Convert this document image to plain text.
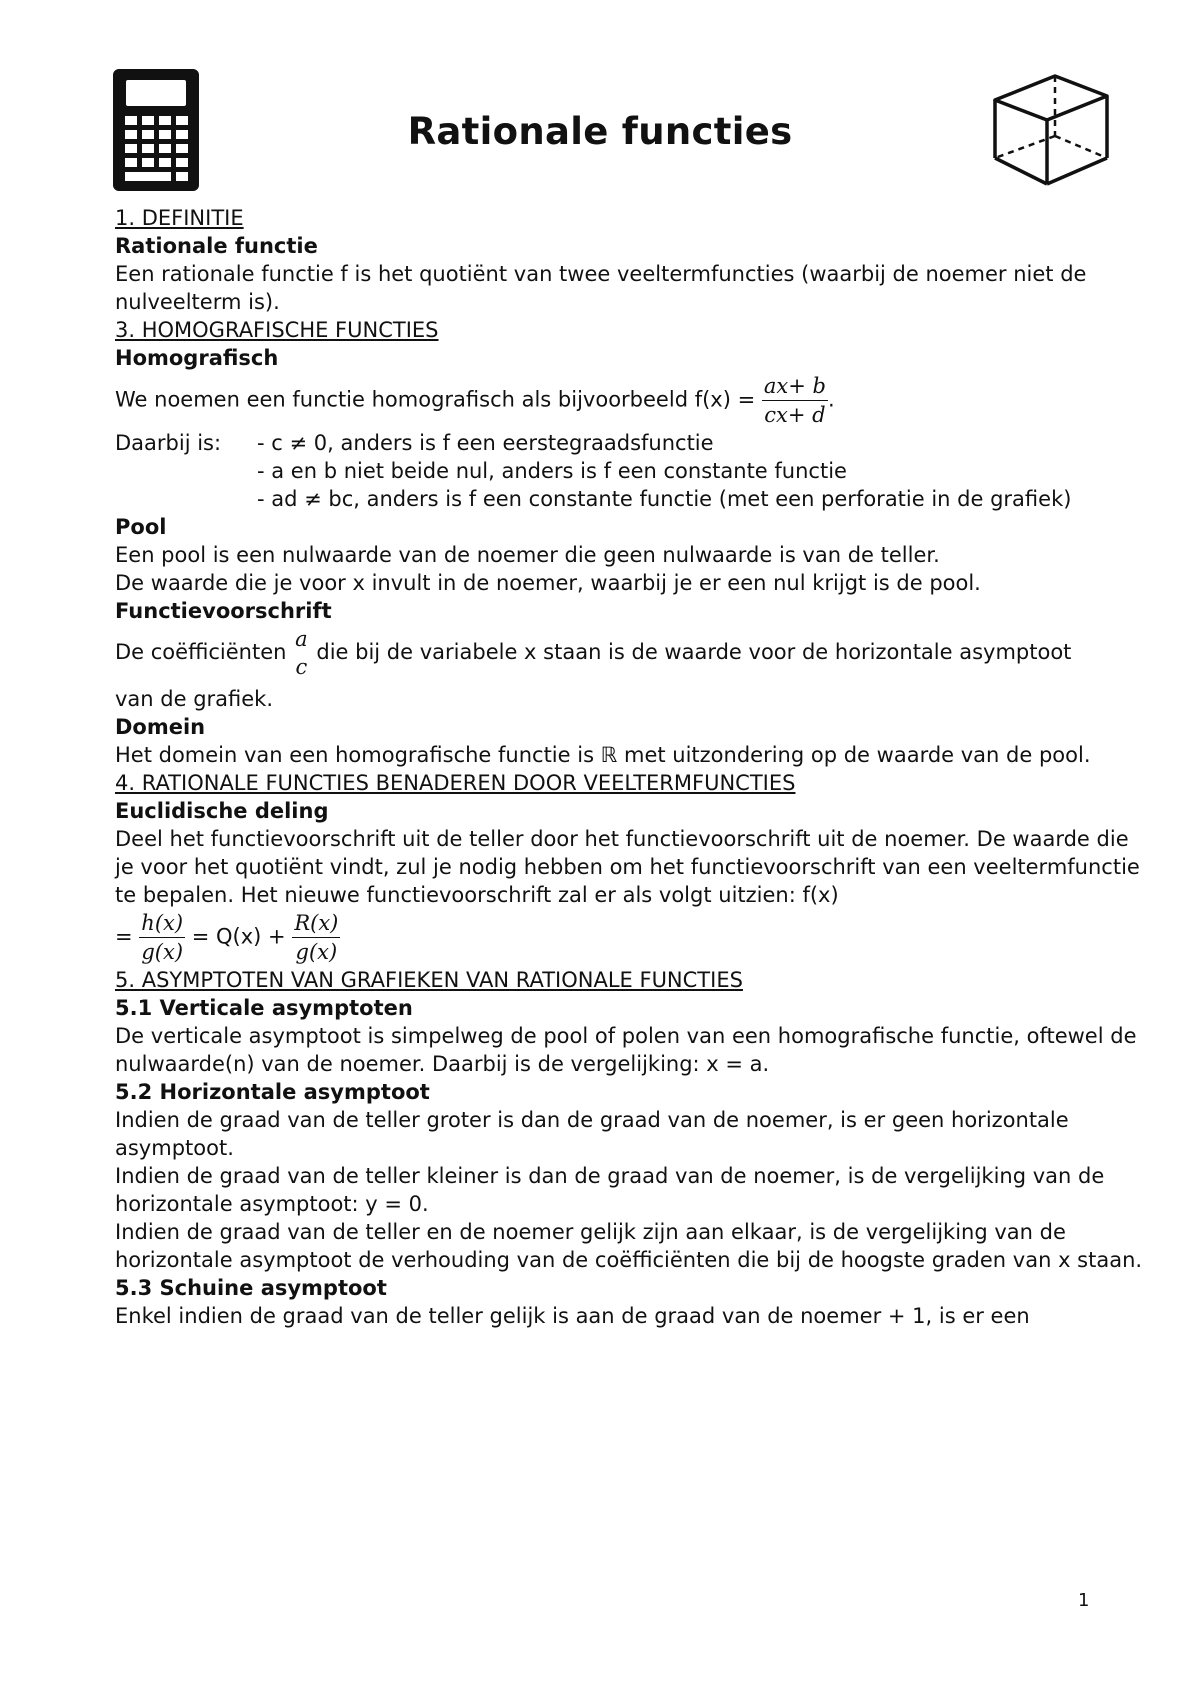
Rationale functies

1. DEFINITIE

Rationale functie

Een rationale functie f is het quotiënt van twee veeltermfuncties (waarbij de noemer niet de nulveelterm is).

3. HOMOGRAFISCHE FUNCTIES

Homografisch

We noemen een functie homografisch als bijvoorbeeld $f(x) = \frac{ax+ b}{cx+ d}$ .

Daarbij is:	- c ≠ 0, anders is f een eerstegraadsfunctie

- a en b niet beide nul, anders is f een constante functie

- ad ≠ bc, anders is f een constante functie (met een perforatie in de grafiek)

Pool

Een pool is een nulwaarde van de noemer die geen nulwaarde is van de teller.

De waarde die je voor x invult in de noemer, waarbij je er een nul krijgt is de pool.

Functievoorschrift

De coëfficiënten
a
c
die bij de variabele x staan is de waarde voor de horizontale asymptoot

van de grafiek.

Domein

Het domein van een homografische functie is ℝ met uitzondering op de waarde van de pool.

4. RATIONALE FUNCTIES BENADEREN DOOR VEELTERMFUNCTIES

Euclidische deling

Deel het functievoorschrift uit de teller door het functievoorschrift uit de noemer. De waarde die je voor het quotiënt vindt, zul je nodig hebben om het functievoorschrift van een veeltermfunctie te bepalen. Het nieuwe functievoorschrift zal er als volgt uitzien: f(x)

= $\frac{h(x)}{g(x)} = Q(x) + \frac{R(x)}{g(x)}$

5. ASYMPTOTEN VAN GRAFIEKEN VAN RATIONALE FUNCTIES

5.1 Verticale asymptoten

De verticale asymptoot is simpelweg de pool of polen van een homografische functie, oftewel de nulwaarde(n) van de noemer. Daarbij is de vergelijking: x = a.

5.2 Horizontale asymptoot

Indien de graad van de teller groter is dan de graad van de noemer, is er geen horizontale asymptoot.

Indien de graad van de teller kleiner is dan de graad van de noemer, is de vergelijking van de horizontale asymptoot: y = 0.

Indien de graad van de teller en de noemer gelijk zijn aan elkaar, is de vergelijking van de horizontale asymptoot de verhouding van de coëfficiënten die bij de hoogste graden van x staan.

5.3 Schuine asymptoot

Enkel indien de graad van de teller gelijk is aan de graad van de noemer + 1, is er een

1
